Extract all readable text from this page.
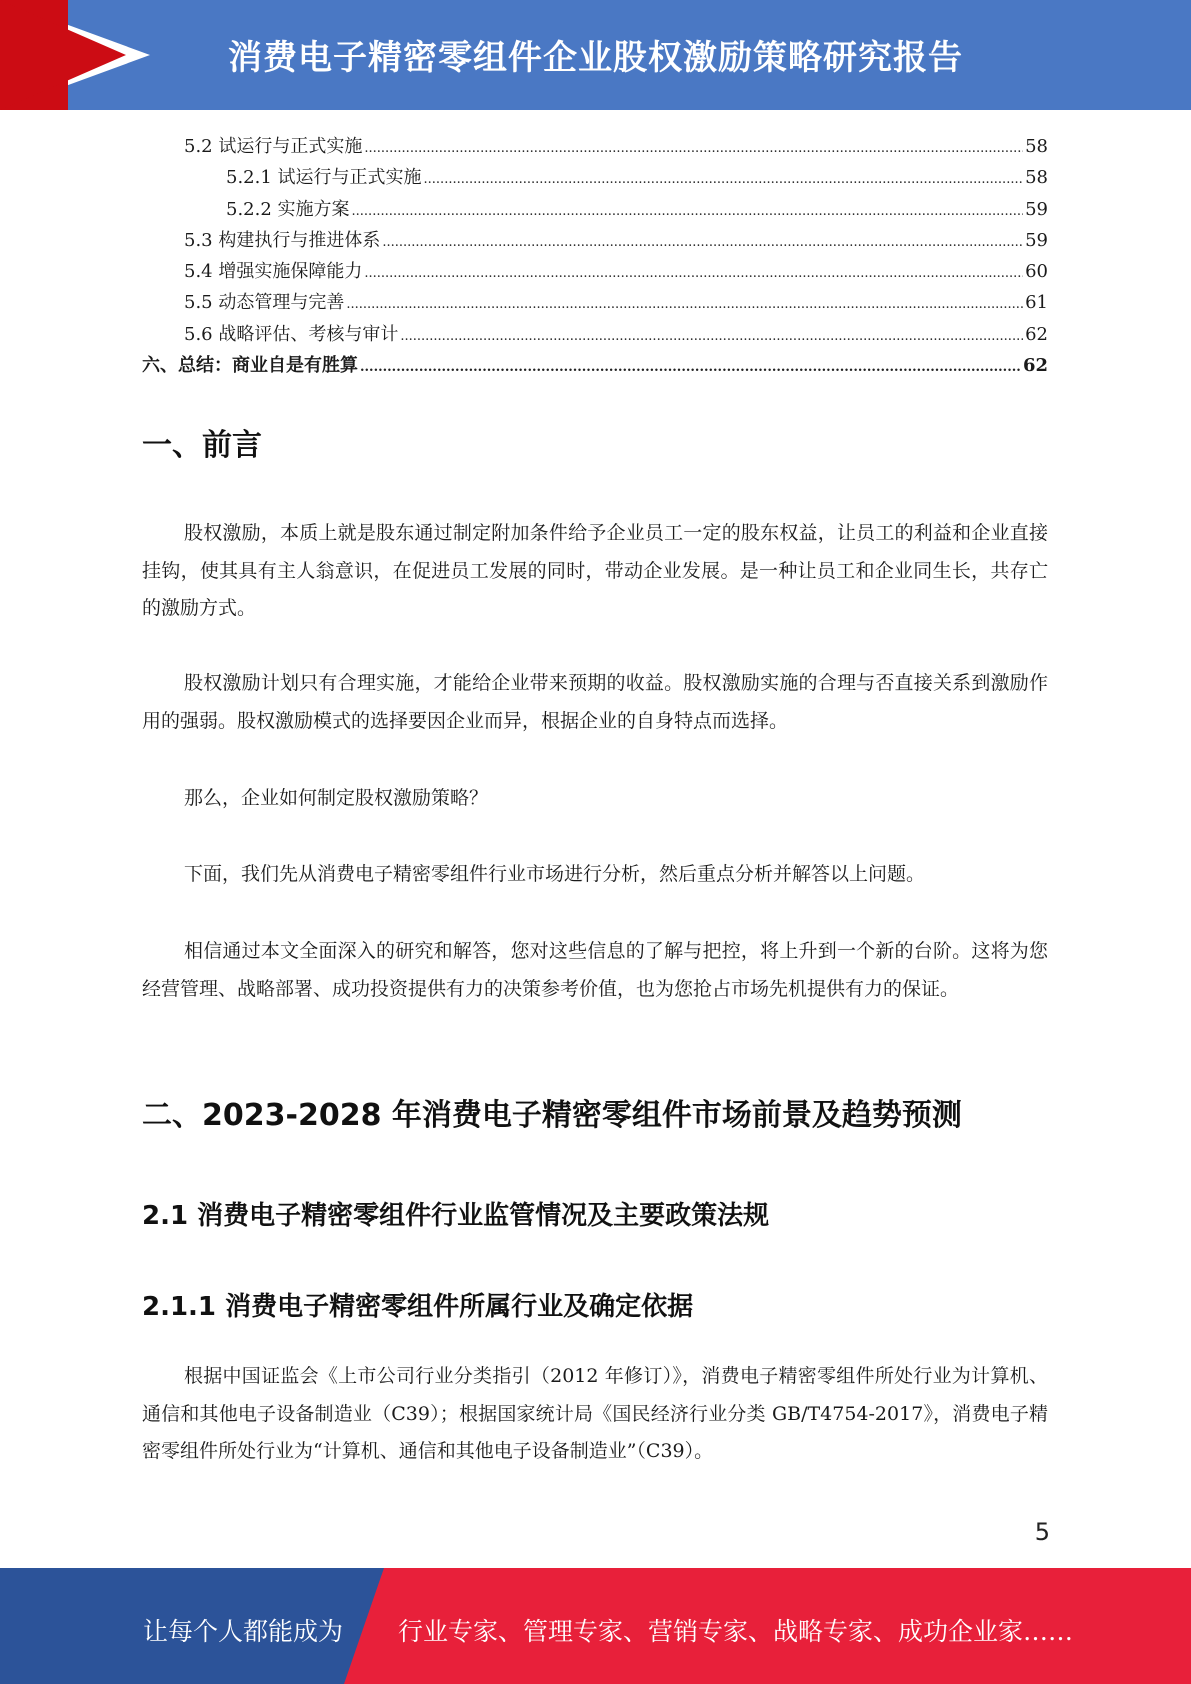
消费电子精密零组件企业股权激励策略研究报告
5.2 试运行与正式实施 .....	58
5.2.1 试运行与正式实施 .....	58
5.2.2 实施方案 .....	59
5.3 构建执行与推进体系 .....	59
5.4 增强实施保障能力 .....	60
5.5 动态管理与完善 .....	61
5.6 战略评估、考核与审计 .....	62
六、总结：商业自是有胜算 .....	62
一、前言

股权激励，本质上就是股东通过制定附加条件给予企业员工一定的股东权益，让员工的利益和企业直接挂钩，使其具有主人翁意识，在促进员工发展的同时，带动企业发展。是一种让员工和企业同生长，共存亡的激励方式。

股权激励计划只有合理实施，才能给企业带来预期的收益。股权激励实施的合理与否直接关系到激励作用的强弱。股权激励模式的选择要因企业而异，根据企业的自身特点而选择。

那么，企业如何制定股权激励策略？

下面，我们先从消费电子精密零组件行业市场进行分析，然后重点分析并解答以上问题。

相信通过本文全面深入的研究和解答，您对这些信息的了解与把控，将上升到一个新的台阶。这将为您经营管理、战略部署、成功投资提供有力的决策参考价值，也为您抢占市场先机提供有力的保证。

二、2023-2028 年消费电子精密零组件市场前景及趋势预测
2.1 消费电子精密零组件行业监管情况及主要政策法规
2.1.1 消费电子精密零组件所属行业及确定依据

根据中国证监会《上市公司行业分类指引（2012 年修订）》，消费电子精密零组件所处行业为计算机、通信和其他电子设备制造业（C39）；根据国家统计局《国民经济行业分类 GB/T4754-2017》，消费电子精密零组件所处行业为“计算机、通信和其他电子设备制造业”（C39）。

5
让每个人都能成为 行业专家、管理专家、营销专家、战略专家、成功企业家……
